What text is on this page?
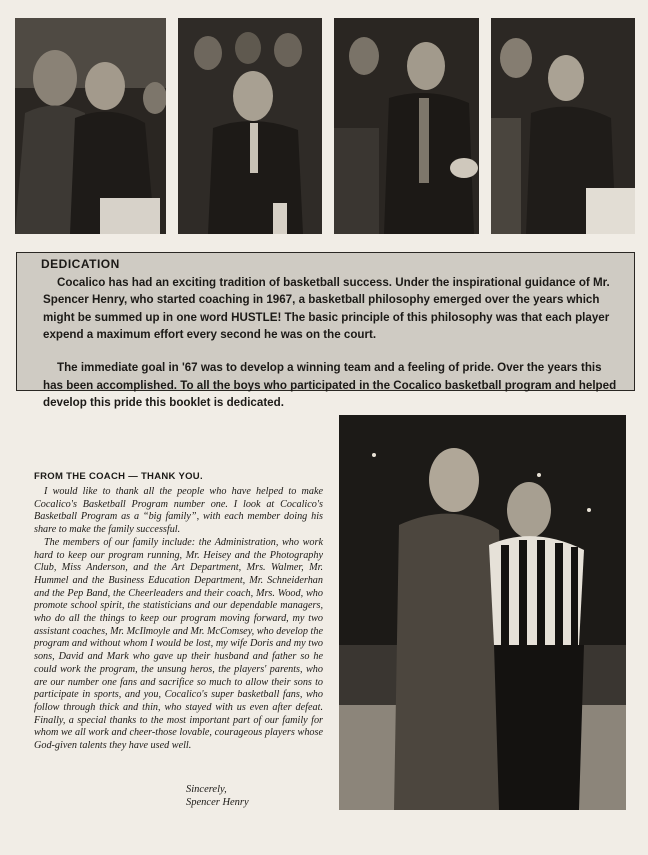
DEDICATION

Cocalico has had an exciting tradition of basketball success. Under the inspirational guidance of Mr. Spencer Henry, who started coaching in 1967, a basketball philosophy emerged over the years which might be summed up in one word HUSTLE! The basic principle of this philosophy was that each player expend a maximum effort every second he was on the court.

The immediate goal in '67 was to develop a winning team and a feeling of pride. Over the years this has been accomplished. To all the boys who participated in the Cocalico basketball program and helped develop this pride this booklet is dedicated.

FROM THE COACH — THANK YOU.

I would like to thank all the people who have helped to make Cocalico's Basketball Program number one. I look at Cocalico's Basketball Program as a “big family”, with each member doing his share to make the family successful.

The members of our family include: the Administration, who work hard to keep our program running, Mr. Heisey and the Photography Club, Miss Anderson, and the Art Department, Mrs. Walmer, Mr. Hummel and the Business Education Department, Mr. Schneiderhan and the Pep Band, the Cheerleaders and their coach, Mrs. Wood, who promote school spirit, the statisticians and our dependable managers, who do all the things to keep our program moving forward, my two assistant coaches, Mr. McIlmoyle and Mr. McComsey, who develop the program and without whom I would be lost, my wife Doris and my two sons, David and Mark who gave up their husband and father so he could work the program, the unsung heros, the players' parents, who are our number one fans and sacrifice so much to allow their sons to participate in sports, and you, Cocalico's super basketball fans, who follow through thick and thin, who stayed with us even after defeat. Finally, a special thanks to the most important part of our family for whom we all work and cheer-those lovable, courageous players whose God-given talents they have used well.

Sincerely,
Spencer Henry
